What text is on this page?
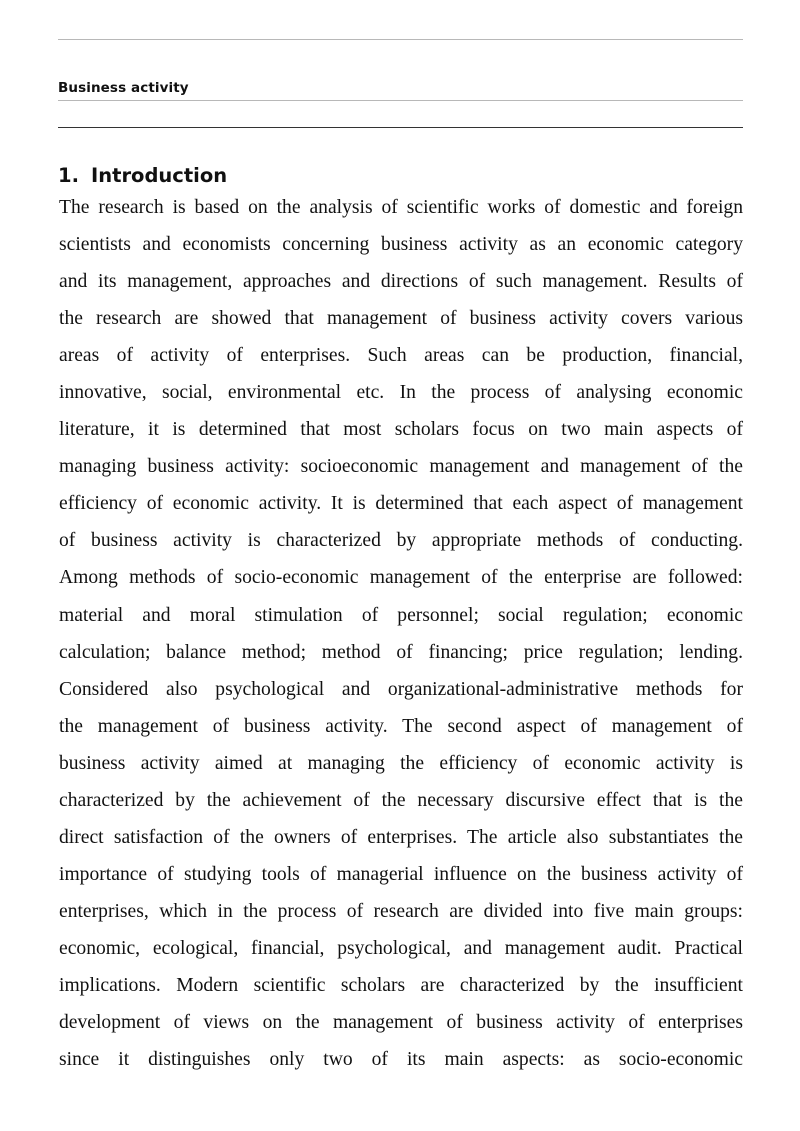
Business activity
1. Introduction
The research is based on the analysis of scientific works of domestic and foreign
scientists and economists concerning business activity as an economic category
and its management, approaches and directions of such management. Results of
the research are showed that management of business activity covers various
areas of activity of enterprises. Such areas can be production, financial,
innovative, social, environmental etc. In the process of analysing economic
literature, it is determined that most scholars focus on two main aspects of
managing business activity: socioeconomic management and management of the
efficiency of economic activity. It is determined that each aspect of management
of business activity is characterized by appropriate methods of conducting.
Among methods of socio-economic management of the enterprise are followed:
material and moral stimulation of personnel; social regulation; economic
calculation; balance method; method of financing; price regulation; lending.
Considered also psychological and organizational-administrative methods for
the management of business activity. The second aspect of management of
business activity aimed at managing the efficiency of economic activity is
characterized by the achievement of the necessary discursive effect that is the
direct satisfaction of the owners of enterprises. The article also substantiates the
importance of studying tools of managerial influence on the business activity of
enterprises, which in the process of research are divided into five main groups:
economic, ecological, financial, psychological, and management audit. Practical
implications. Modern scientific scholars are characterized by the insufficient
development of views on the management of business activity of enterprises
since it distinguishes only two of its main aspects: as socio-economic
